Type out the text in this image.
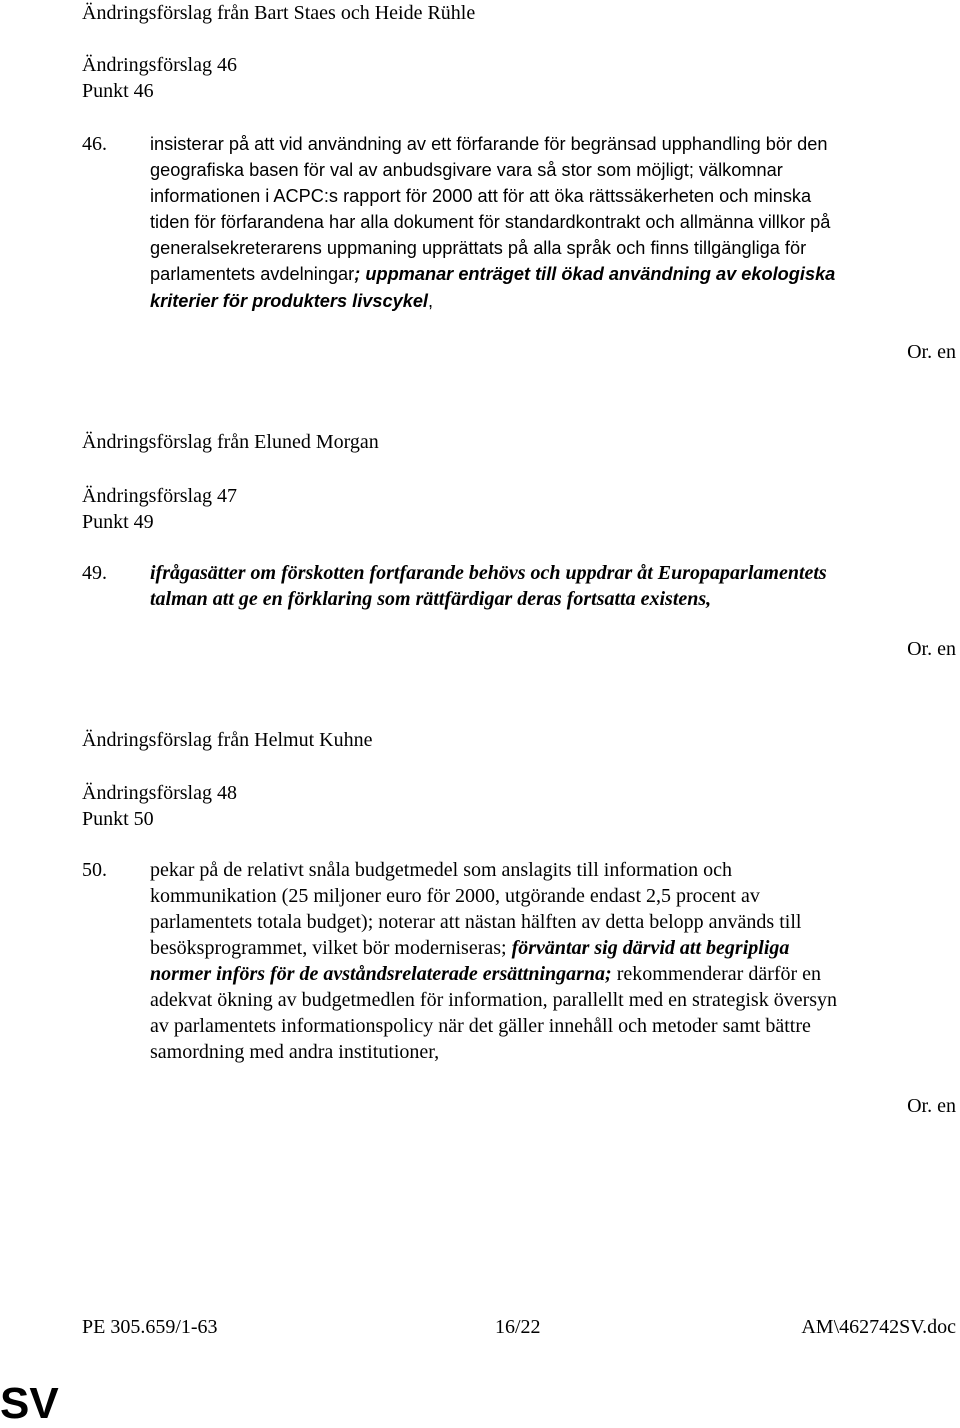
Ändringsförslag från Bart Staes och Heide Rühle

Ändringsförslag 46

Punkt 46

46. insisterar på att vid användning av ett förfarande för begränsad upphandling bör den
geografiska basen för val av anbudsgivare vara så stor som möjligt; välkomnar
informationen i ACPC:s rapport för 2000 att för att öka rättssäkerheten och minska
tiden för förfarandena har alla dokument för standardkontrakt och allmänna villkor på
generalsekreterarens uppmaning upprättats på alla språk och finns tillgängliga för
parlamentets avdelningar; uppmanar enträget till ökad användning av ekologiska
kriterier för produkters livscykel,

Or. en

Ändringsförslag från Eluned Morgan

Ändringsförslag 47

Punkt 49

49. ifrågasätter om förskotten fortfarande behövs och uppdrar åt Europaparlamentets
talman att ge en förklaring som rättfärdigar deras fortsatta existens,

Or. en

Ändringsförslag från Helmut Kuhne

Ändringsförslag 48

Punkt 50

50. pekar på de relativt snåla budgetmedel som anslagits till information och
kommunikation (25 miljoner euro för 2000, utgörande endast 2,5 procent av
parlamentets totala budget); noterar att nästan hälften av detta belopp används till
besöksprogrammet, vilket bör moderniseras; förväntar sig därvid att begripliga
normer införs för de avståndsrelaterade ersättningarna; rekommenderar därför en
adekvat ökning av budgetmedlen för information, parallellt med en strategisk översyn
av parlamentets informationspolicy när det gäller innehåll och metoder samt bättre
samordning med andra institutioner,

Or. en

PE 305.659/1-63	16/22	AM\462742SV.doc

SV
